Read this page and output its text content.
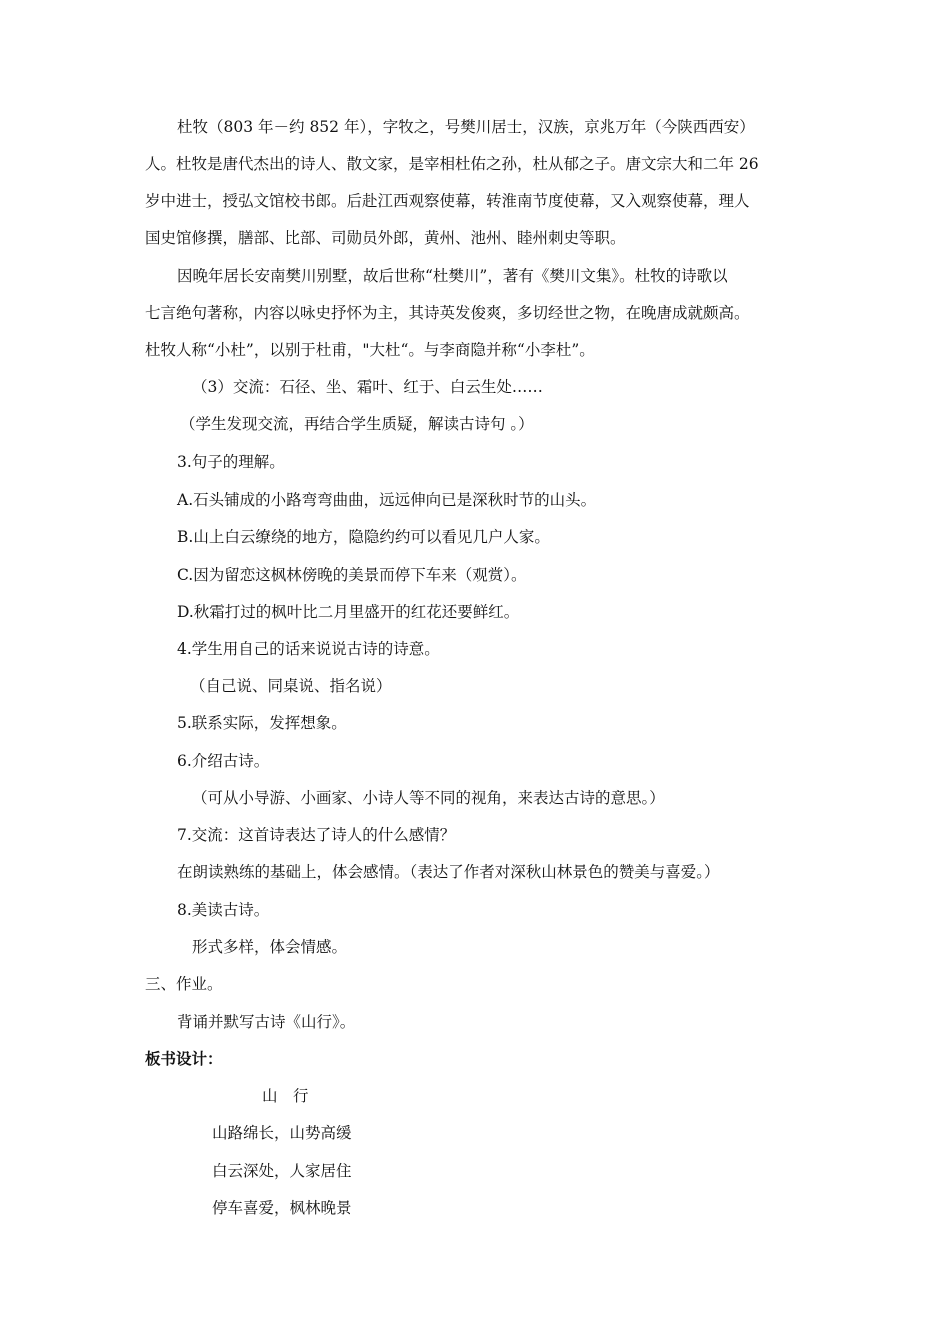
杜牧（803 年－约 852 年），字牧之，号樊川居士，汉族，京兆万年（今陕西西安）
人。杜牧是唐代杰出的诗人、散文家，是宰相杜佑之孙，杜从郁之子。唐文宗大和二年 26
岁中进士，授弘文馆校书郎。后赴江西观察使幕，转淮南节度使幕，又入观察使幕，理人
国史馆修撰，膳部、比部、司勋员外郎，黄州、池州、睦州刺史等职。
因晚年居长安南樊川别墅，故后世称“杜樊川”，著有《樊川文集》。杜牧的诗歌以
七言绝句著称，内容以咏史抒怀为主，其诗英发俊爽，多切经世之物，在晚唐成就颇高。
杜牧人称“小杜”，以别于杜甫，"大杜“。与李商隐并称“小李杜”。
（3）交流：石径、坐、霜叶、红于、白云生处……
（学生发现交流，再结合学生质疑，解读古诗句 。）
3.句子的理解。
A.石头铺成的小路弯弯曲曲，远远伸向已是深秋时节的山头。
B.山上白云缭绕的地方，隐隐约约可以看见几户人家。
C.因为留恋这枫林傍晚的美景而停下车来（观赏）。
D.秋霜打过的枫叶比二月里盛开的红花还要鲜红。
4.学生用自己的话来说说古诗的诗意。
（自己说、同桌说、指名说）
5.联系实际，发挥想象。
6.介绍古诗。
（可从小导游、小画家、小诗人等不同的视角，来表达古诗的意思。）
7.交流：这首诗表达了诗人的什么感情？
在朗读熟练的基础上，体会感情。（表达了作者对深秋山林景色的赞美与喜爱。）
8.美读古诗。
形式多样，体会情感。
三、作业。
背诵并默写古诗《山行》。
板书设计：
山　行
山路绵长，山势高缓
白云深处，人家居住
停车喜爱，枫林晚景
